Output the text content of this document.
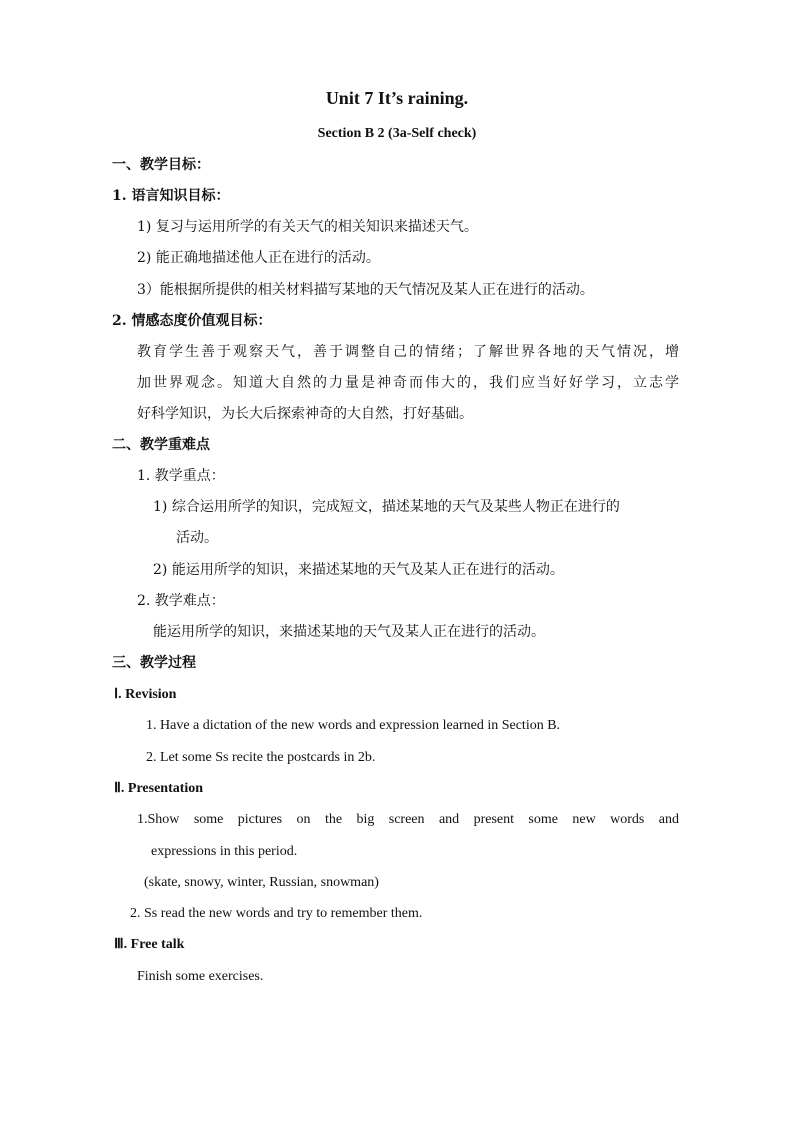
Unit 7 It’s raining.
Section B 2 (3a-Self check)
一、教学目标：
1. 语言知识目标：
1) 复习与运用所学的有关天气的相关知识来描述天气。
2) 能正确地描述他人正在进行的活动。
3）能根据所提供的相关材料描写某地的天气情况及某人正在进行的活动。
2. 情感态度价值观目标：
教育学生善于观察天气，善于调整自己的情绪；了解世界各地的天气情况，增
加世界观念。知道大自然的力量是神奇而伟大的，我们应当好好学习，立志学
好科学知识，为长大后探索神奇的大自然，打好基础。
二、教学重难点
1. 教学重点：
1) 综合运用所学的知识，完成短文，描述某地的天气及某些人物正在进行的
活动。
2) 能运用所学的知识，来描述某地的天气及某人正在进行的活动。
2. 教学难点：
能运用所学的知识，来描述某地的天气及某人正在进行的活动。
三、教学过程
Ⅰ. Revision
1. Have a dictation of the new words and expression learned in Section B.
2. Let some Ss recite the postcards in 2b.
Ⅱ. Presentation
1.Show some pictures on the big screen and present some new words and
expressions in this period.
(skate, snowy, winter, Russian, snowman)
2. Ss read the new words and try to remember them.
Ⅲ. Free talk
Finish some exercises.
